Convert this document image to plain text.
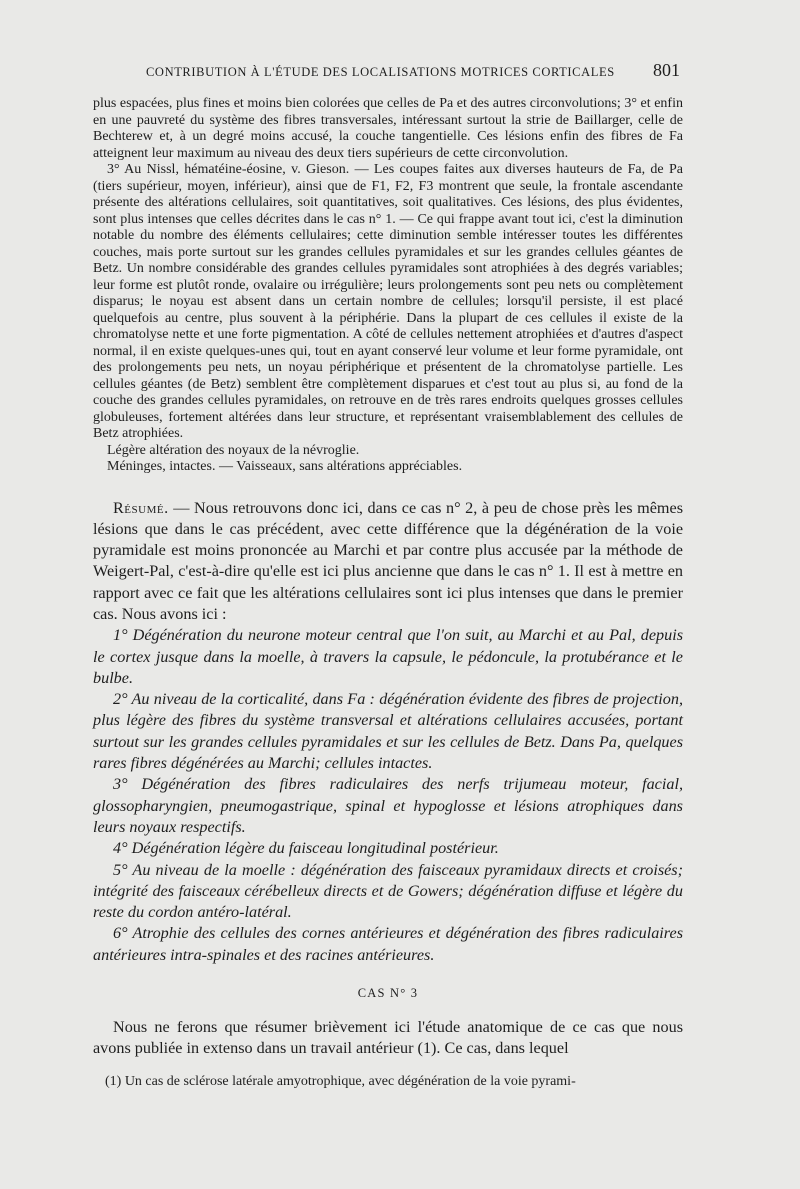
CONTRIBUTION À L'ÉTUDE DES LOCALISATIONS MOTRICES CORTICALES 801

plus espacées, plus fines et moins bien colorées que celles de Pa et des autres circonvolutions; 3° et enfin en une pauvreté du système des fibres transversales, intéressant surtout la strie de Baillarger, celle de Bechterew et, à un degré moins accusé, la couche tangentielle. Ces lésions enfin des fibres de Fa atteignent leur maximum au niveau des deux tiers supérieurs de cette circonvolution.

3° Au Nissl, hématéine-éosine, v. Gieson. — Les coupes faites aux diverses hauteurs de Fa, de Pa (tiers supérieur, moyen, inférieur), ainsi que de F1, F2, F3 montrent que seule, la frontale ascendante présente des altérations cellulaires, soit quantitatives, soit qualitatives. Ces lésions, des plus évidentes, sont plus intenses que celles décrites dans le cas n° 1. — Ce qui frappe avant tout ici, c'est la diminution notable du nombre des éléments cellulaires; cette diminution semble intéresser toutes les différentes couches, mais porte surtout sur les grandes cellules pyramidales et sur les grandes cellules géantes de Betz. Un nombre considérable des grandes cellules pyramidales sont atrophiées à des degrés variables; leur forme est plutôt ronde, ovalaire ou irrégulière; leurs prolongements sont peu nets ou complètement disparus; le noyau est absent dans un certain nombre de cellules; lorsqu'il persiste, il est placé quelquefois au centre, plus souvent à la périphérie. Dans la plupart de ces cellules il existe de la chromatolyse nette et une forte pigmentation. A côté de cellules nettement atrophiées et d'autres d'aspect normal, il en existe quelques-unes qui, tout en ayant conservé leur volume et leur forme pyramidale, ont des prolongements peu nets, un noyau périphérique et présentent de la chromatolyse partielle. Les cellules géantes (de Betz) semblent être complètement disparues et c'est tout au plus si, au fond de la couche des grandes cellules pyramidales, on retrouve en de très rares endroits quelques grosses cellules globuleuses, fortement altérées dans leur structure, et représentant vraisemblablement des cellules de Betz atrophiées.

Légère altération des noyaux de la névroglie.

Méninges, intactes. — Vaisseaux, sans altérations appréciables.

Résumé. — Nous retrouvons donc ici, dans ce cas n° 2, à peu de chose près les mêmes lésions que dans le cas précédent, avec cette différence que la dégénération de la voie pyramidale est moins prononcée au Marchi et par contre plus accusée par la méthode de Weigert-Pal, c'est-à-dire qu'elle est ici plus ancienne que dans le cas n° 1. Il est à mettre en rapport avec ce fait que les altérations cellulaires sont ici plus intenses que dans le premier cas. Nous avons ici :

1° Dégénération du neurone moteur central que l'on suit, au Marchi et au Pal, depuis le cortex jusque dans la moelle, à travers la capsule, le pédoncule, la protubérance et le bulbe.

2° Au niveau de la corticalité, dans Fa : dégénération évidente des fibres de projection, plus légère des fibres du système transversal et altérations cellulaires accusées, portant surtout sur les grandes cellules pyramidales et sur les cellules de Betz. Dans Pa, quelques rares fibres dégénérées au Marchi; cellules intactes.

3° Dégénération des fibres radiculaires des nerfs trijumeau moteur, facial, glossopharyngien, pneumogastrique, spinal et hypoglosse et lésions atrophiques dans leurs noyaux respectifs.

4° Dégénération légère du faisceau longitudinal postérieur.

5° Au niveau de la moelle : dégénération des faisceaux pyramidaux directs et croisés; intégrité des faisceaux cérébelleux directs et de Gowers; dégénération diffuse et légère du reste du cordon antéro-latéral.

6° Atrophie des cellules des cornes antérieures et dégénération des fibres radiculaires antérieures intra-spinales et des racines antérieures.

CAS N° 3

Nous ne ferons que résumer brièvement ici l'étude anatomique de ce cas que nous avons publiée in extenso dans un travail antérieur (1). Ce cas, dans lequel

(1) Un cas de sclérose latérale amyotrophique, avec dégénération de la voie pyrami-
